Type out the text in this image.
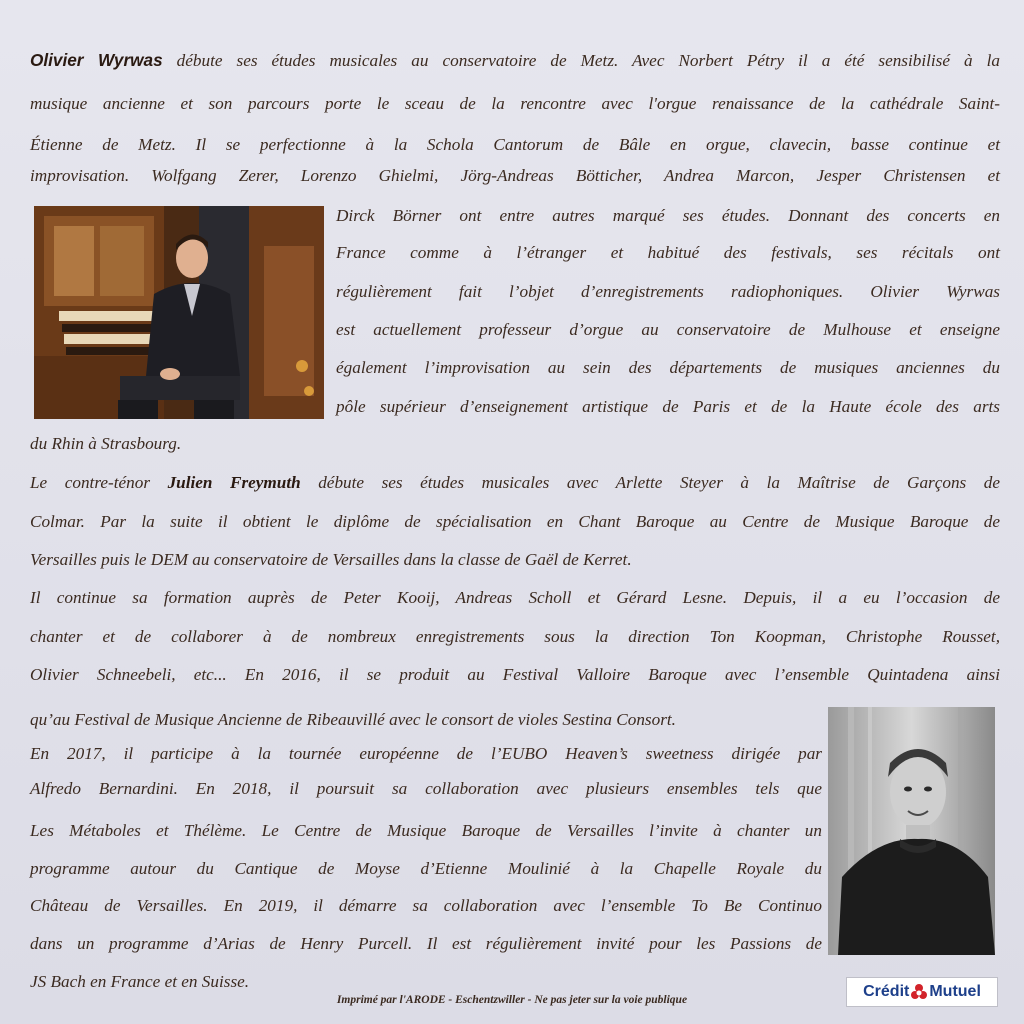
Olivier Wyrwas débute ses études musicales au conservatoire de Metz. Avec Norbert Pétry il a été sensibilisé à la

musique ancienne et son parcours porte le sceau de la rencontre avec l'orgue renaissance de la cathédrale Saint-

Étienne de Metz. Il se perfectionne à la Schola Cantorum de Bâle en orgue, clavecin, basse continue et

improvisation. Wolfgang Zerer, Lorenzo Ghielmi, Jörg-Andreas Bötticher, Andrea Marcon, Jesper Christensen et

Dirck Börner ont entre autres marqué ses études. Donnant des concerts en

France comme à l’étranger et habitué des festivals, ses récitals ont

régulièrement fait l’objet d’enregistrements radiophoniques. Olivier Wyrwas

est actuellement professeur d’orgue au conservatoire de Mulhouse et enseigne

également l’improvisation au sein des départements de musiques anciennes du

pôle supérieur d’enseignement artistique de Paris et de la Haute école des arts

du Rhin à Strasbourg.

Le contre-ténor Julien Freymuth débute ses études musicales avec Arlette Steyer à la Maîtrise de Garçons de

Colmar. Par la suite il obtient le diplôme de spécialisation en Chant Baroque au Centre de Musique Baroque de

Versailles puis le DEM au conservatoire de Versailles dans la classe de Gaël de Kerret.

Il continue sa formation auprès de Peter Kooij, Andreas Scholl et Gérard Lesne. Depuis, il a eu l’occasion de

chanter et de collaborer à de nombreux enregistrements sous la direction Ton Koopman, Christophe Rousset,

Olivier Schneebeli, etc... En 2016, il se produit au Festival Valloire Baroque avec l’ensemble Quintadena ainsi

qu’au Festival de Musique Ancienne de Ribeauvillé avec le consort de violes Sestina Consort.

En 2017, il participe à la tournée européenne de l’EUBO Heaven’s sweetness dirigée par

Alfredo Bernardini. En 2018, il poursuit sa collaboration avec plusieurs ensembles tels que

Les Métaboles et Thélème. Le Centre de Musique Baroque de Versailles l’invite à chanter un

programme autour du Cantique de Moyse d’Etienne Moulinié à la Chapelle Royale du

Château de Versailles. En 2019, il démarre sa collaboration avec l’ensemble To Be Continuo

dans un programme d’Arias de Henry Purcell. Il est régulièrement invité pour les Passions de

JS Bach en France et en Suisse.

Imprimé par l'ARODE - Eschentzwiller - Ne pas jeter sur la voie publique	Crédit Mutuel
